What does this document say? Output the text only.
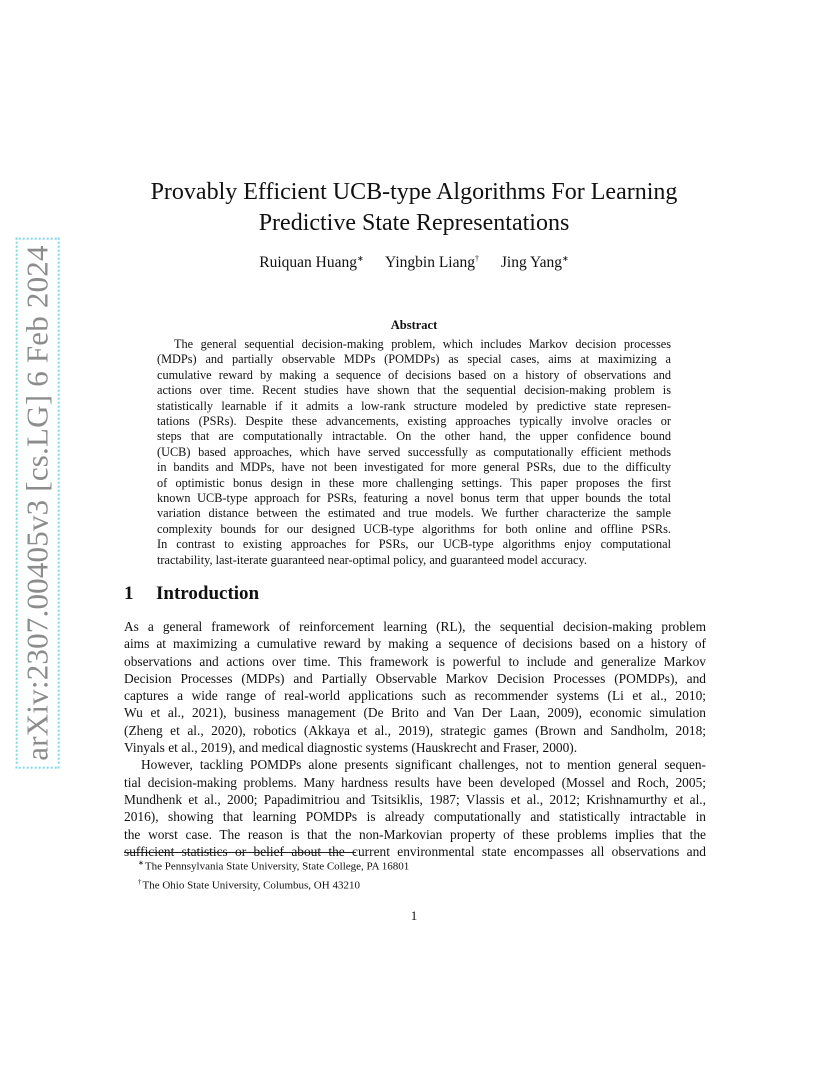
arXiv:2307.00405v3 [cs.LG] 6 Feb 2024
Provably Efficient UCB-type Algorithms For Learning
Predictive State Representations
Ruiquan Huang∗ Yingbin Liang† Jing Yang∗
Abstract
The general sequential decision-making problem, which includes Markov decision processes
(MDPs) and partially observable MDPs (POMDPs) as special cases, aims at maximizing a
cumulative reward by making a sequence of decisions based on a history of observations and
actions over time. Recent studies have shown that the sequential decision-making problem is
statistically learnable if it admits a low-rank structure modeled by predictive state represen-
tations (PSRs). Despite these advancements, existing approaches typically involve oracles or
steps that are computationally intractable. On the other hand, the upper confidence bound
(UCB) based approaches, which have served successfully as computationally efficient methods
in bandits and MDPs, have not been investigated for more general PSRs, due to the difficulty
of optimistic bonus design in these more challenging settings. This paper proposes the first
known UCB-type approach for PSRs, featuring a novel bonus term that upper bounds the total
variation distance between the estimated and true models. We further characterize the sample
complexity bounds for our designed UCB-type algorithms for both online and offline PSRs.
In contrast to existing approaches for PSRs, our UCB-type algorithms enjoy computational
tractability, last-iterate guaranteed near-optimal policy, and guaranteed model accuracy.
1 Introduction
As a general framework of reinforcement learning (RL), the sequential decision-making problem
aims at maximizing a cumulative reward by making a sequence of decisions based on a history of
observations and actions over time. This framework is powerful to include and generalize Markov
Decision Processes (MDPs) and Partially Observable Markov Decision Processes (POMDPs), and
captures a wide range of real-world applications such as recommender systems (Li et al., 2010;
Wu et al., 2021), business management (De Brito and Van Der Laan, 2009), economic simulation
(Zheng et al., 2020), robotics (Akkaya et al., 2019), strategic games (Brown and Sandholm, 2018;
Vinyals et al., 2019), and medical diagnostic systems (Hauskrecht and Fraser, 2000).
However, tackling POMDPs alone presents significant challenges, not to mention general sequen-
tial decision-making problems. Many hardness results have been developed (Mossel and Roch, 2005;
Mundhenk et al., 2000; Papadimitriou and Tsitsiklis, 1987; Vlassis et al., 2012; Krishnamurthy et al.,
2016), showing that learning POMDPs is already computationally and statistically intractable in
the worst case. The reason is that the non-Markovian property of these problems implies that the
sufficient statistics or belief about the current environmental state encompasses all observations and
∗The Pennsylvania State University, State College, PA 16801
†The Ohio State University, Columbus, OH 43210
1
